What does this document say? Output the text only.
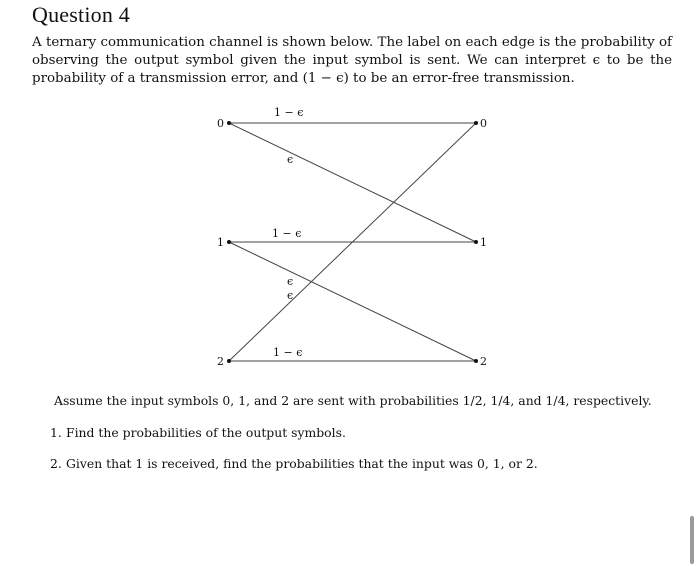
Question 4

A ternary communication channel is shown below. The label on each edge is the probability of observing the output symbol given the input symbol is sent. We can interpret ϵ to be the probability of a transmission error, and (1 − ϵ) to be an error-free transmission.

0
1
2
0
1
2
1 − ϵ
ϵ
1 − ϵ
ϵ
ϵ
1 − ϵ

Assume the input symbols 0, 1, and 2 are sent with probabilities 1/2, 1/4, and 1/4, respectively.

1. Find the probabilities of the output symbols.
2. Given that 1 is received, find the probabilities that the input was 0, 1, or 2.
